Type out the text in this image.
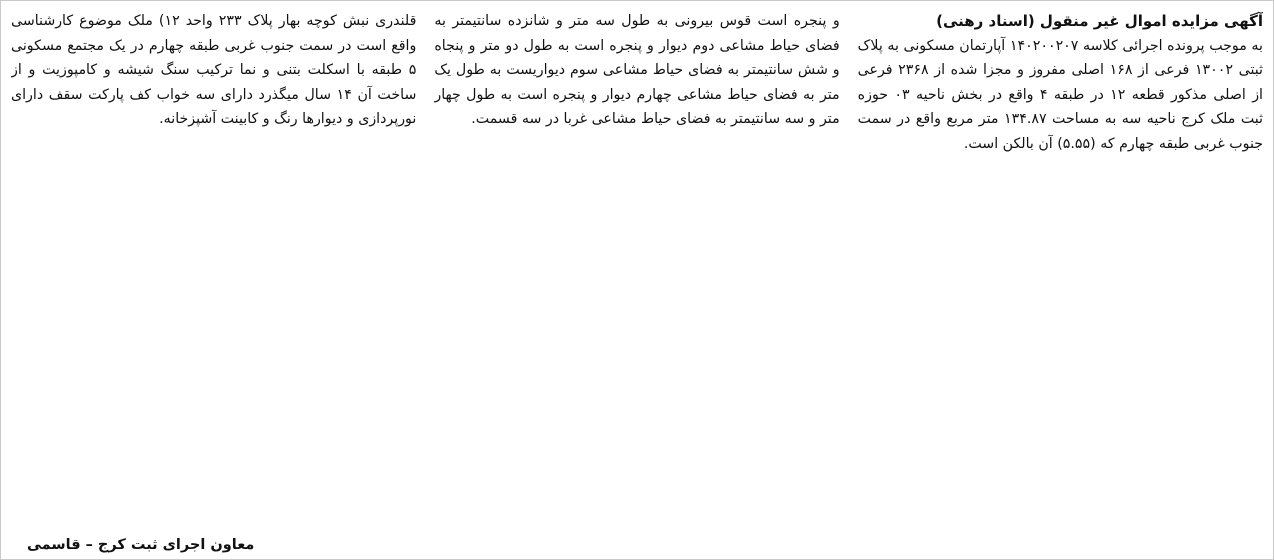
آگهی مزایده اموال غیر منقول (اسناد رهنی)
به موجب پرونده اجرائی کلاسه ۱۴۰۲۰۰۲۰۷ آپارتمان مسکونی به پلاک ثبتی ۱۳۰۰۲ فرعی از ۱۶۸ اصلی مفروز و مجزا شده از ۲۳۶۸ فرعی از اصلی مذکور قطعه ۱۲ در طبقه ۴ واقع در بخش ناحیه ۰۳ حوزه ثبت ملک کرج ناحیه سه به مساحت ۱۳۴.۸۷ متر مربع واقع در سمت جنوب غربی طبقه چهارم که (۵.۵۵) آن بالکن است.
و پنجره است قوس بیرونی به طول سه متر و شانزده سانتیمتر به فضای حیاط مشاعی دوم دیوار و پنجره است به طول دو متر و پنجاه و شش سانتیمتر به فضای حیاط مشاعی سوم دیواریست به طول یک متر به فضای حیاط مشاعی چهارم دیوار و پنجره است به طول چهار متر و سه سانتیمتر به فضای حیاط مشاعی غربا در سه قسمت.
قلندری نبش کوچه بهار پلاک ۲۳۳ واحد ۱۲) ملک موضوع کارشناسی واقع است در سمت جنوب غربی طبقه چهارم در یک مجتمع مسکونی ۵ طبقه با اسکلت بتنی و نما ترکیب سنگ شیشه و کامپوزیت و از ساخت آن ۱۴ سال میگذرد دارای سه خواب کف پارکت سقف دارای نورپردازی و دیوارها رنگ و کابینت آشپزخانه.
معاون اجرای ثبت کرج – قاسمی
